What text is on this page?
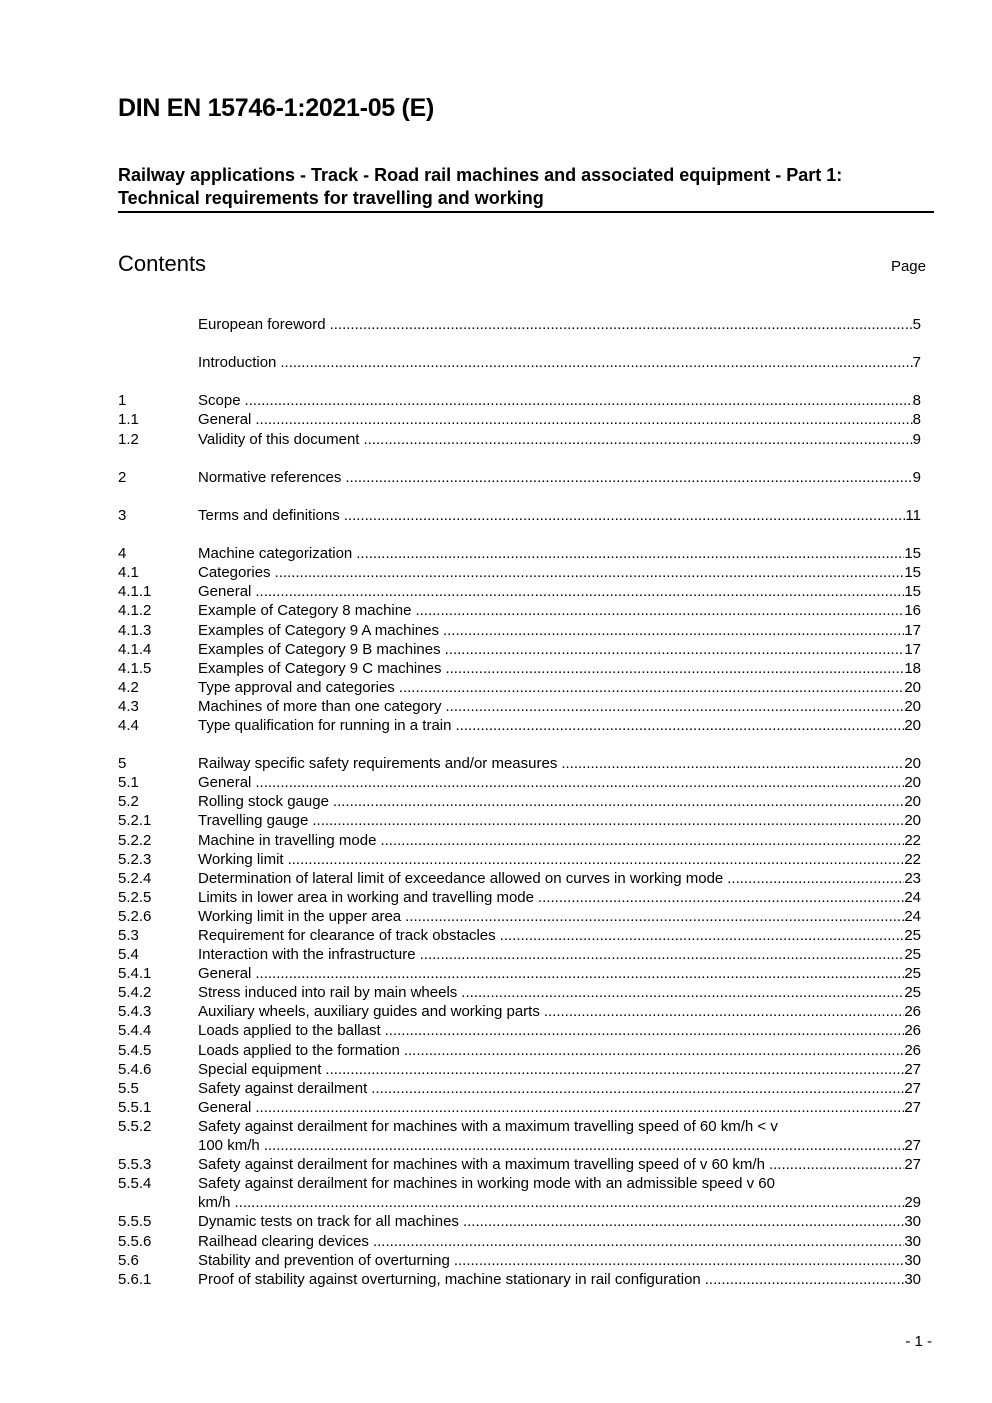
DIN EN 15746-1:2021-05 (E)
Railway applications - Track - Road rail machines and associated equipment - Part 1:
Technical requirements for travelling and working
Contents	Page
European foreword .....	5
Introduction .....	7
1	Scope .....	8
1.1	General .....	8
1.2	Validity of this document .....	9
2	Normative references .....	9
3	Terms and definitions .....	11
4	Machine categorization .....	15
4.1	Categories .....	15
4.1.1	General .....	15
4.1.2	Example of Category 8 machine .....	16
4.1.3	Examples of Category 9 A machines .....	17
4.1.4	Examples of Category 9 B machines .....	17
4.1.5	Examples of Category 9 C machines .....	18
4.2	Type approval and categories .....	20
4.3	Machines of more than one category .....	20
4.4	Type qualification for running in a train .....	20
5	Railway specific safety requirements and/or measures .....	20
5.1	General .....	20
5.2	Rolling stock gauge .....	20
5.2.1	Travelling gauge .....	20
5.2.2	Machine in travelling mode .....	22
5.2.3	Working limit .....	22
5.2.4	Determination of lateral limit of exceedance allowed on curves in working mode .....	23
5.2.5	Limits in lower area in working and travelling mode .....	24
5.2.6	Working limit in the upper area .....	24
5.3	Requirement for clearance of track obstacles .....	25
5.4	Interaction with the infrastructure .....	25
5.4.1	General .....	25
5.4.2	Stress induced into rail by main wheels .....	25
5.4.3	Auxiliary wheels, auxiliary guides and working parts .....	26
5.4.4	Loads applied to the ballast .....	26
5.4.5	Loads applied to the formation .....	26
5.4.6	Special equipment .....	27
5.5	Safety against derailment .....	27
5.5.1	General .....	27
5.5.2	Safety against derailment for machines with a maximum travelling speed of 60 km/h < v
100 km/h .....	27
5.5.3	Safety against derailment for machines with a maximum travelling speed of v 60 km/h .....	27
5.5.4	Safety against derailment for machines in working mode with an admissible speed v 60
km/h .....	29
5.5.5	Dynamic tests on track for all machines .....	30
5.5.6	Railhead clearing devices .....	30
5.6	Stability and prevention of overturning .....	30
5.6.1	Proof of stability against overturning, machine stationary in rail configuration .....	30
- 1 -
